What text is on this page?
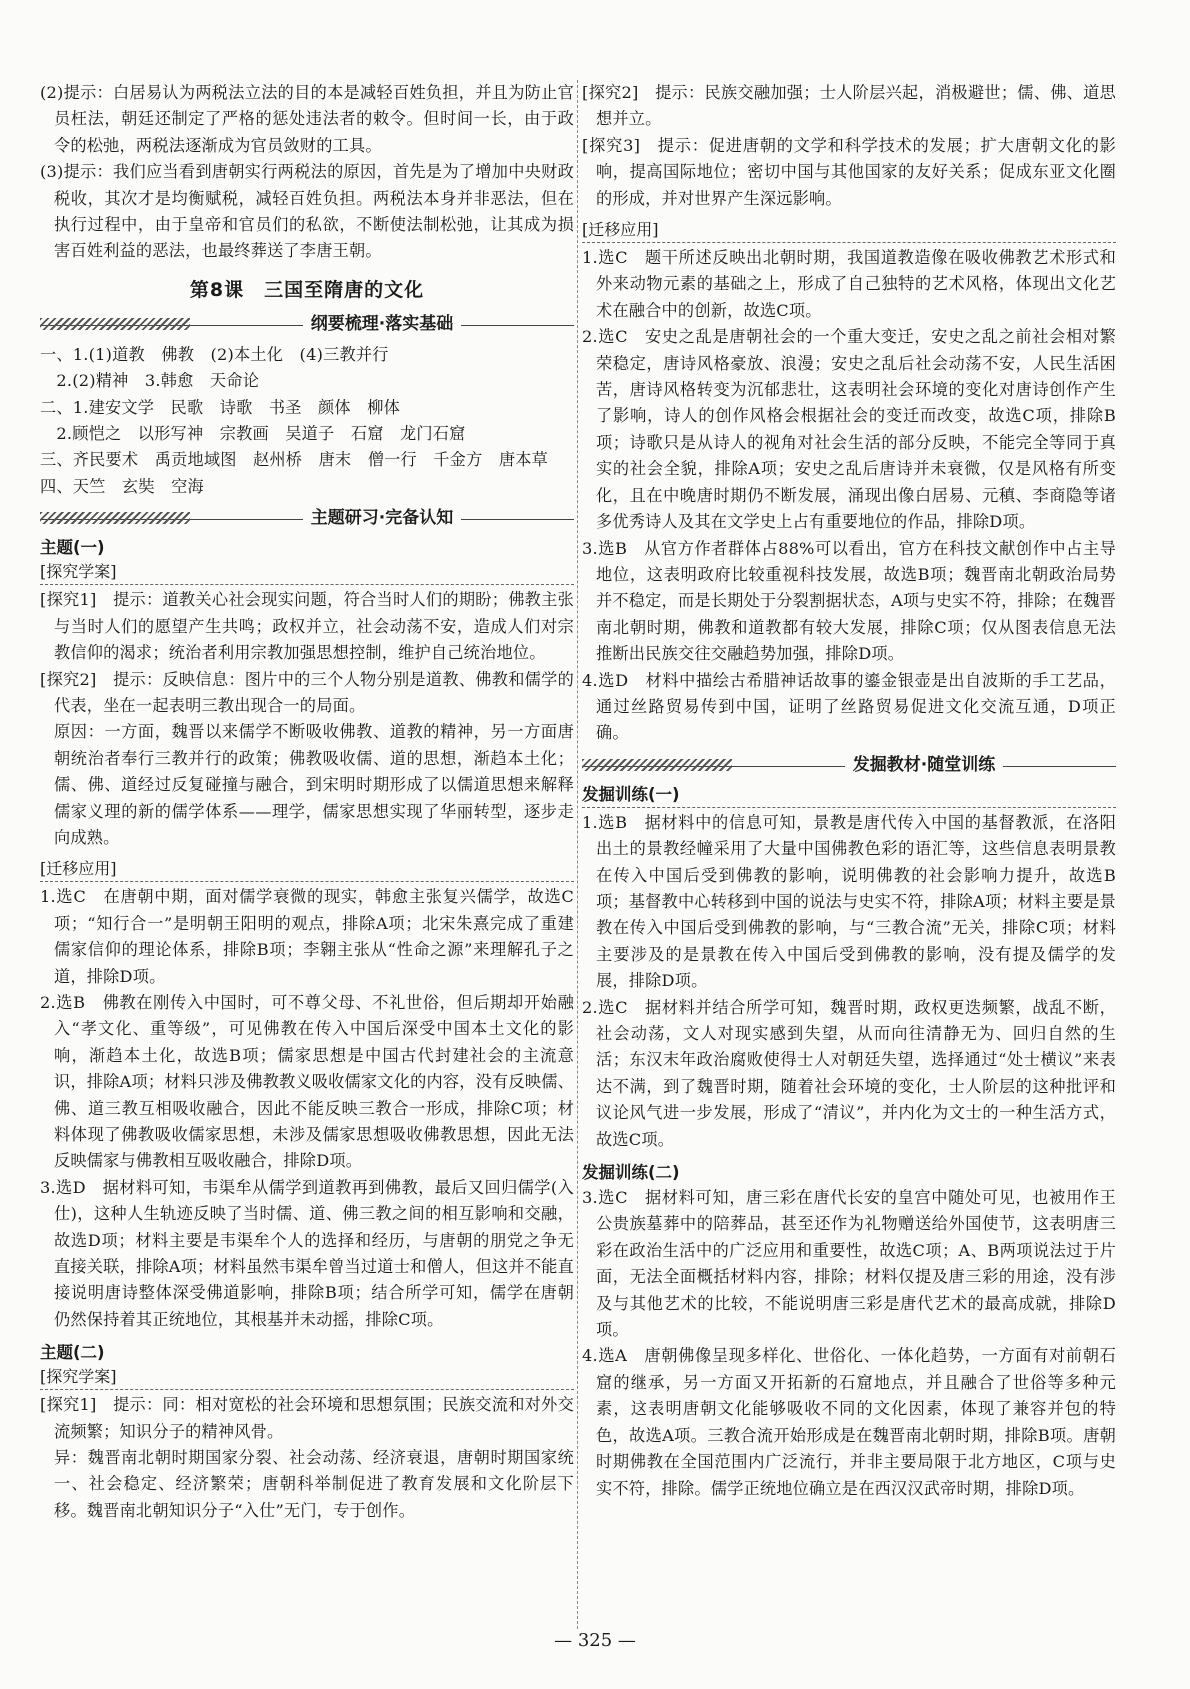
(2)提示：白居易认为两税法立法的目的本是减轻百姓负担，并且为防止官员枉法，朝廷还制定了严格的惩处违法者的敕令。但时间一长，由于政令的松弛，两税法逐渐成为官员敛财的工具。

(3)提示：我们应当看到唐朝实行两税法的原因，首先是为了增加中央财政税收，其次才是均衡赋税，减轻百姓负担。两税法本身并非恶法，但在执行过程中，由于皇帝和官员们的私欲，不断使法制松弛，让其成为损害百姓利益的恶法，也最终葬送了李唐王朝。

第8课　三国至隋唐的文化
纲要梳理·落实基础

一、1.(1)道教　佛教　(2)本土化　(4)三教并行

　2.(2)精神　3.韩愈　天命论

二、1.建安文学　民歌　诗歌　书圣　颜体　柳体

　2.顾恺之　以形写神　宗教画　吴道子　石窟　龙门石窟

三、齐民要术　禹贡地域图　赵州桥　唐末　僧一行　千金方　唐本草

四、天竺　玄奘　空海

主题研习·完备认知
主题(一)
[探究学案]

[探究1]　提示：道教关心社会现实问题，符合当时人们的期盼；佛教主张与当时人们的愿望产生共鸣；政权并立，社会动荡不安，造成人们对宗教信仰的渴求；统治者利用宗教加强思想控制，维护自己统治地位。

[探究2]　提示：反映信息：图片中的三个人物分别是道教、佛教和儒学的代表，坐在一起表明三教出现合一的局面。

原因：一方面，魏晋以来儒学不断吸收佛教、道教的精神，另一方面唐朝统治者奉行三教并行的政策；佛教吸收儒、道的思想，渐趋本土化；儒、佛、道经过反复碰撞与融合，到宋明时期形成了以儒道思想来解释儒家义理的新的儒学体系——理学，儒家思想实现了华丽转型，逐步走向成熟。

[迁移应用]

1.选C　在唐朝中期，面对儒学衰微的现实，韩愈主张复兴儒学，故选C项；“知行合一”是明朝王阳明的观点，排除A项；北宋朱熹完成了重建儒家信仰的理论体系，排除B项；李翱主张从“性命之源”来理解孔子之道，排除D项。

2.选B　佛教在刚传入中国时，可不尊父母、不礼世俗，但后期却开始融入“孝文化、重等级”，可见佛教在传入中国后深受中国本土文化的影响，渐趋本土化，故选B项；儒家思想是中国古代封建社会的主流意识，排除A项；材料只涉及佛教教义吸收儒家文化的内容，没有反映儒、佛、道三教互相吸收融合，因此不能反映三教合一形成，排除C项；材料体现了佛教吸收儒家思想，未涉及儒家思想吸收佛教思想，因此无法反映儒家与佛教相互吸收融合，排除D项。

3.选D　据材料可知，韦渠牟从儒学到道教再到佛教，最后又回归儒学(入仕)，这种人生轨迹反映了当时儒、道、佛三教之间的相互影响和交融，故选D项；材料主要是韦渠牟个人的选择和经历，与唐朝的朋党之争无直接关联，排除A项；材料虽然韦渠牟曾当过道士和僧人，但这并不能直接说明唐诗整体深受佛道影响，排除B项；结合所学可知，儒学在唐朝仍然保持着其正统地位，其根基并未动摇，排除C项。

主题(二)
[探究学案]

[探究1]　提示：同：相对宽松的社会环境和思想氛围；民族交流和对外交流频繁；知识分子的精神风骨。

异：魏晋南北朝时期国家分裂、社会动荡、经济衰退，唐朝时期国家统一、社会稳定、经济繁荣；唐朝科举制促进了教育发展和文化阶层下移。魏晋南北朝知识分子“入仕”无门，专于创作。

[探究2]　提示：民族交融加强；士人阶层兴起，消极避世；儒、佛、道思想并立。

[探究3]　提示：促进唐朝的文学和科学技术的发展；扩大唐朝文化的影响，提高国际地位；密切中国与其他国家的友好关系；促成东亚文化圈的形成，并对世界产生深远影响。

[迁移应用]

1.选C　题干所述反映出北朝时期，我国道教造像在吸收佛教艺术形式和外来动物元素的基础之上，形成了自己独特的艺术风格，体现出文化艺术在融合中的创新，故选C项。

2.选C　安史之乱是唐朝社会的一个重大变迁，安史之乱之前社会相对繁荣稳定，唐诗风格豪放、浪漫；安史之乱后社会动荡不安，人民生活困苦，唐诗风格转变为沉郁悲壮，这表明社会环境的变化对唐诗创作产生了影响，诗人的创作风格会根据社会的变迁而改变，故选C项，排除B项；诗歌只是从诗人的视角对社会生活的部分反映，不能完全等同于真实的社会全貌，排除A项；安史之乱后唐诗并未衰微，仅是风格有所变化，且在中晚唐时期仍不断发展，涌现出像白居易、元稹、李商隐等诸多优秀诗人及其在文学史上占有重要地位的作品，排除D项。

3.选B　从官方作者群体占88%可以看出，官方在科技文献创作中占主导地位，这表明政府比较重视科技发展，故选B项；魏晋南北朝政治局势并不稳定，而是长期处于分裂割据状态，A项与史实不符，排除；在魏晋南北朝时期，佛教和道教都有较大发展，排除C项；仅从图表信息无法推断出民族交往交融趋势加强，排除D项。

4.选D　材料中描绘古希腊神话故事的鎏金银壶是出自波斯的手工艺品，通过丝路贸易传到中国，证明了丝路贸易促进文化交流互通，D项正确。

发掘教材·随堂训练
发掘训练(一)

1.选B　据材料中的信息可知，景教是唐代传入中国的基督教派，在洛阳出土的景教经幢采用了大量中国佛教色彩的语汇等，这些信息表明景教在传入中国后受到佛教的影响，说明佛教的社会影响力提升，故选B项；基督教中心转移到中国的说法与史实不符，排除A项；材料主要是景教在传入中国后受到佛教的影响，与“三教合流”无关，排除C项；材料主要涉及的是景教在传入中国后受到佛教的影响，没有提及儒学的发展，排除D项。

2.选C　据材料并结合所学可知，魏晋时期，政权更迭频繁，战乱不断，社会动荡，文人对现实感到失望，从而向往清静无为、回归自然的生活；东汉末年政治腐败使得士人对朝廷失望，选择通过“处士横议”来表达不满，到了魏晋时期，随着社会环境的变化，士人阶层的这种批评和议论风气进一步发展，形成了“清议”，并内化为文士的一种生活方式，故选C项。

发掘训练(二)

3.选C　据材料可知，唐三彩在唐代长安的皇宫中随处可见，也被用作王公贵族墓葬中的陪葬品，甚至还作为礼物赠送给外国使节，这表明唐三彩在政治生活中的广泛应用和重要性，故选C项；A、B两项说法过于片面，无法全面概括材料内容，排除；材料仅提及唐三彩的用途，没有涉及与其他艺术的比较，不能说明唐三彩是唐代艺术的最高成就，排除D项。

4.选A　唐朝佛像呈现多样化、世俗化、一体化趋势，一方面有对前朝石窟的继承，另一方面又开拓新的石窟地点，并且融合了世俗等多种元素，这表明唐朝文化能够吸收不同的文化因素，体现了兼容并包的特色，故选A项。三教合流开始形成是在魏晋南北朝时期，排除B项。唐朝时期佛教在全国范围内广泛流行，并非主要局限于北方地区，C项与史实不符，排除。儒学正统地位确立是在西汉汉武帝时期，排除D项。

— 325 —
